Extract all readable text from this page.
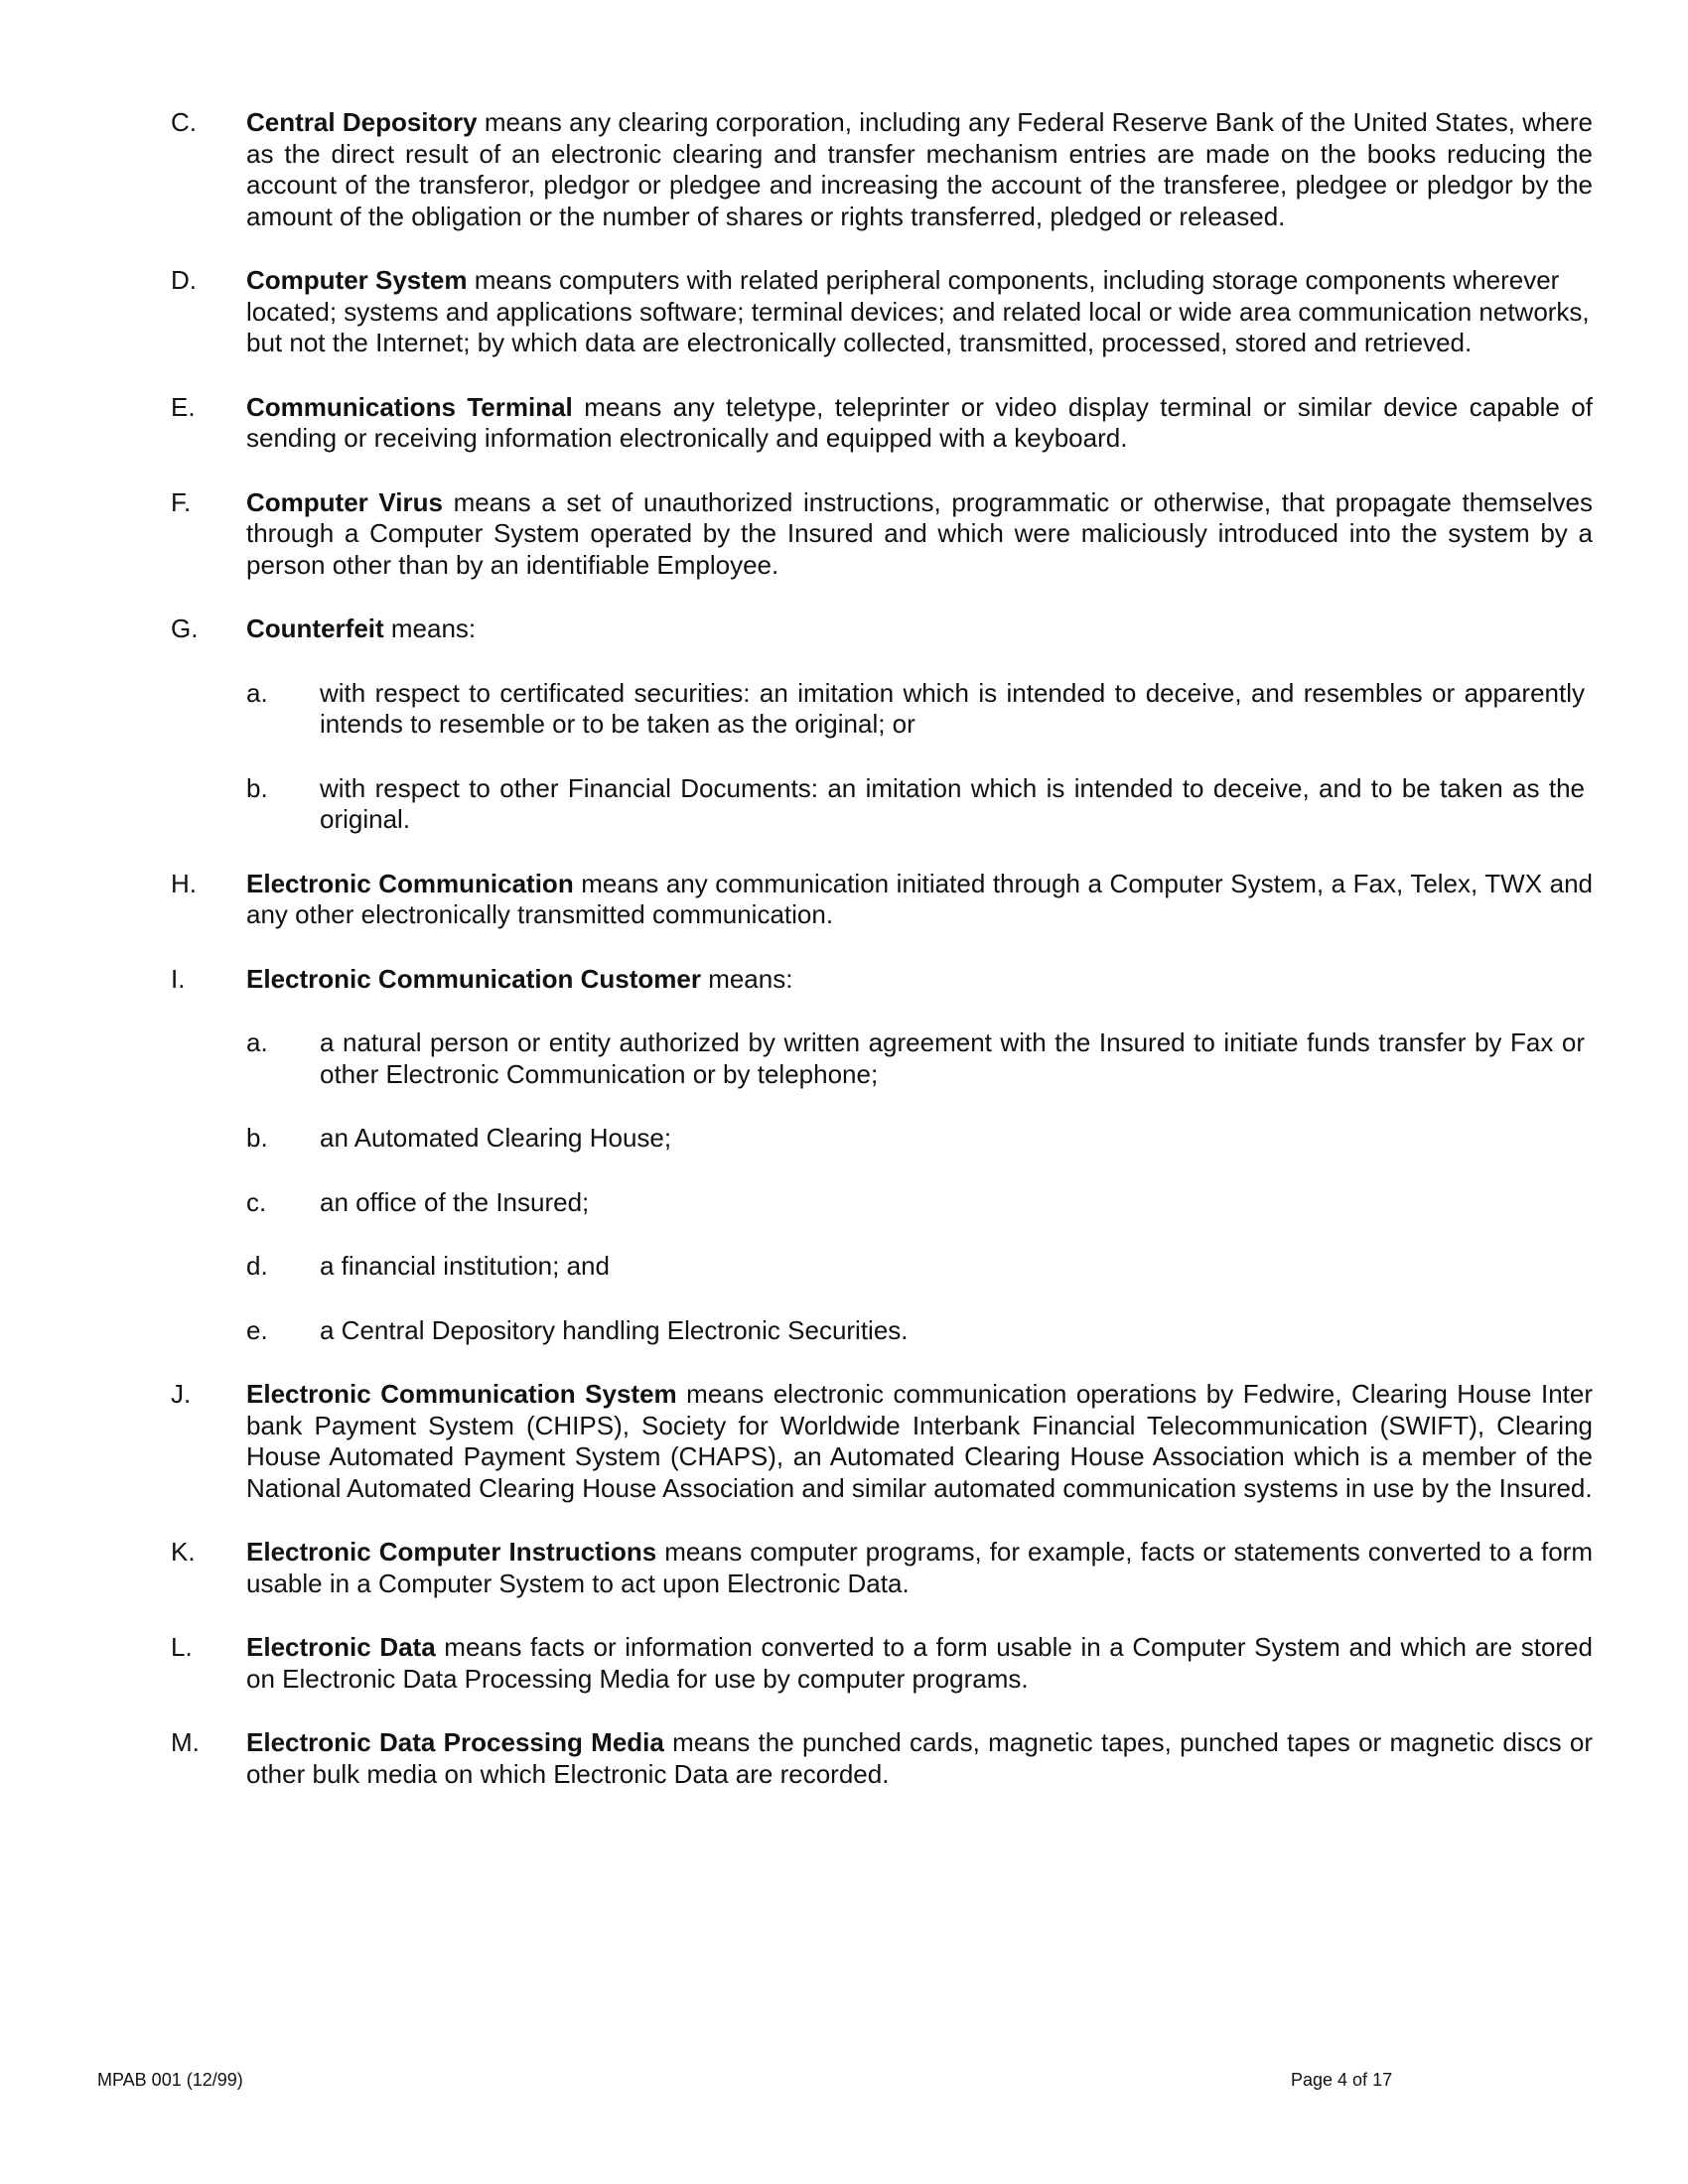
C. Central Depository means any clearing corporation, including any Federal Reserve Bank of the United States, where as the direct result of an electronic clearing and transfer mechanism entries are made on the books reducing the account of the transferor, pledgor or pledgee and increasing the account of the transferee, pledgee or pledgor by the amount of the obligation or the number of shares or rights transferred, pledged or released.
D. Computer System means computers with related peripheral components, including storage components wherever located; systems and applications software; terminal devices; and related local or wide area communication networks, but not the Internet; by which data are electronically collected, transmitted, processed, stored and retrieved.
E. Communications Terminal means any teletype, teleprinter or video display terminal or similar device capable of sending or receiving information electronically and equipped with a keyboard.
F. Computer Virus means a set of unauthorized instructions, programmatic or otherwise, that propagate themselves through a Computer System operated by the Insured and which were maliciously introduced into the system by a person other than by an identifiable Employee.
G. Counterfeit means:
a. with respect to certificated securities: an imitation which is intended to deceive, and resembles or apparently intends to resemble or to be taken as the original; or
b. with respect to other Financial Documents: an imitation which is intended to deceive, and to be taken as the original.
H. Electronic Communication means any communication initiated through a Computer System, a Fax, Telex, TWX and any other electronically transmitted communication.
I. Electronic Communication Customer means:
a. a natural person or entity authorized by written agreement with the Insured to initiate funds transfer by Fax or other Electronic Communication or by telephone;
b. an Automated Clearing House;
c. an office of the Insured;
d. a financial institution; and
e. a Central Depository handling Electronic Securities.
J. Electronic Communication System means electronic communication operations by Fedwire, Clearing House Inter bank Payment System (CHIPS), Society for Worldwide Interbank Financial Telecommunication (SWIFT), Clearing House Automated Payment System (CHAPS), an Automated Clearing House Association which is a member of the National Automated Clearing House Association and similar automated communication systems in use by the Insured.
K. Electronic Computer Instructions means computer programs, for example, facts or statements converted to a form usable in a Computer System to act upon Electronic Data.
L. Electronic Data means facts or information converted to a form usable in a Computer System and which are stored on Electronic Data Processing Media for use by computer programs.
M. Electronic Data Processing Media means the punched cards, magnetic tapes, punched tapes or magnetic discs or other bulk media on which Electronic Data are recorded.
MPAB 001 (12/99)	Page 4 of 17
